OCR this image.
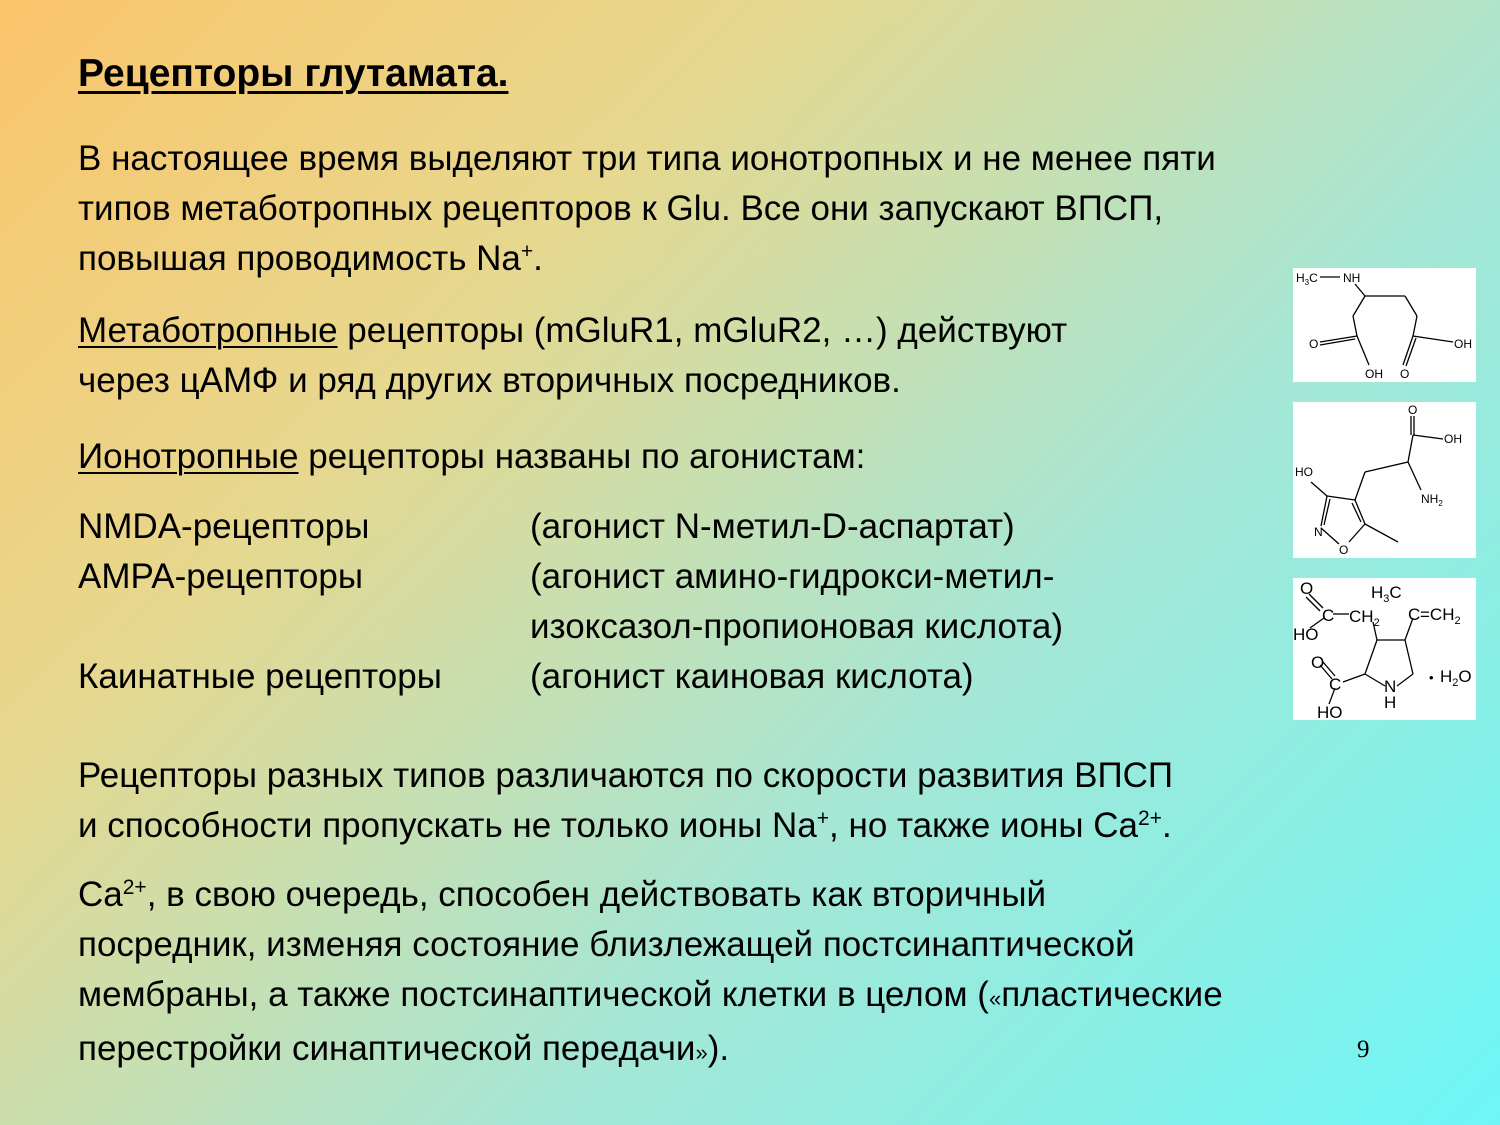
Рецепторы глутамата.
В настоящее время выделяют три типа ионотропных и не менее пяти
типов метаботропных рецепторов к Glu. Все они запускают ВПСП,
повышая проводимость Na+.
Метаботропные рецепторы (mGluR1, mGluR2, …) действуют
через цАМФ и ряд других вторичных посредников.
Ионотропные рецепторы названы по агонистам:
NMDA-рецепторы	(агонист N-метил-D-аспартат)
AMPA-рецепторы	(агонист амино-гидрокси-метил-
изоксазол-пропионовая кислота)
Каинатные рецепторы	(агонист каиновая кислота)
Рецепторы разных типов различаются по скорости развития ВПСП
и способности пропускать не только ионы Na+, но также ионы $Ca^{2+}$.
$Ca^{2+}$, в свою очередь, способен действовать как вторичный
посредник, изменяя состояние близлежащей постсинаптической
мембраны, а также постсинаптической клетки в целом («пластические
перестройки синаптической передачи»).	9
$H_3C$ NH
O	OH
OH O
O
OH
HO
$NH_2$
N
O
O
C $CH_2$
HO
$H_3C$
$C =CH_2$
O
C
HO
N
H
• $H_2O$
